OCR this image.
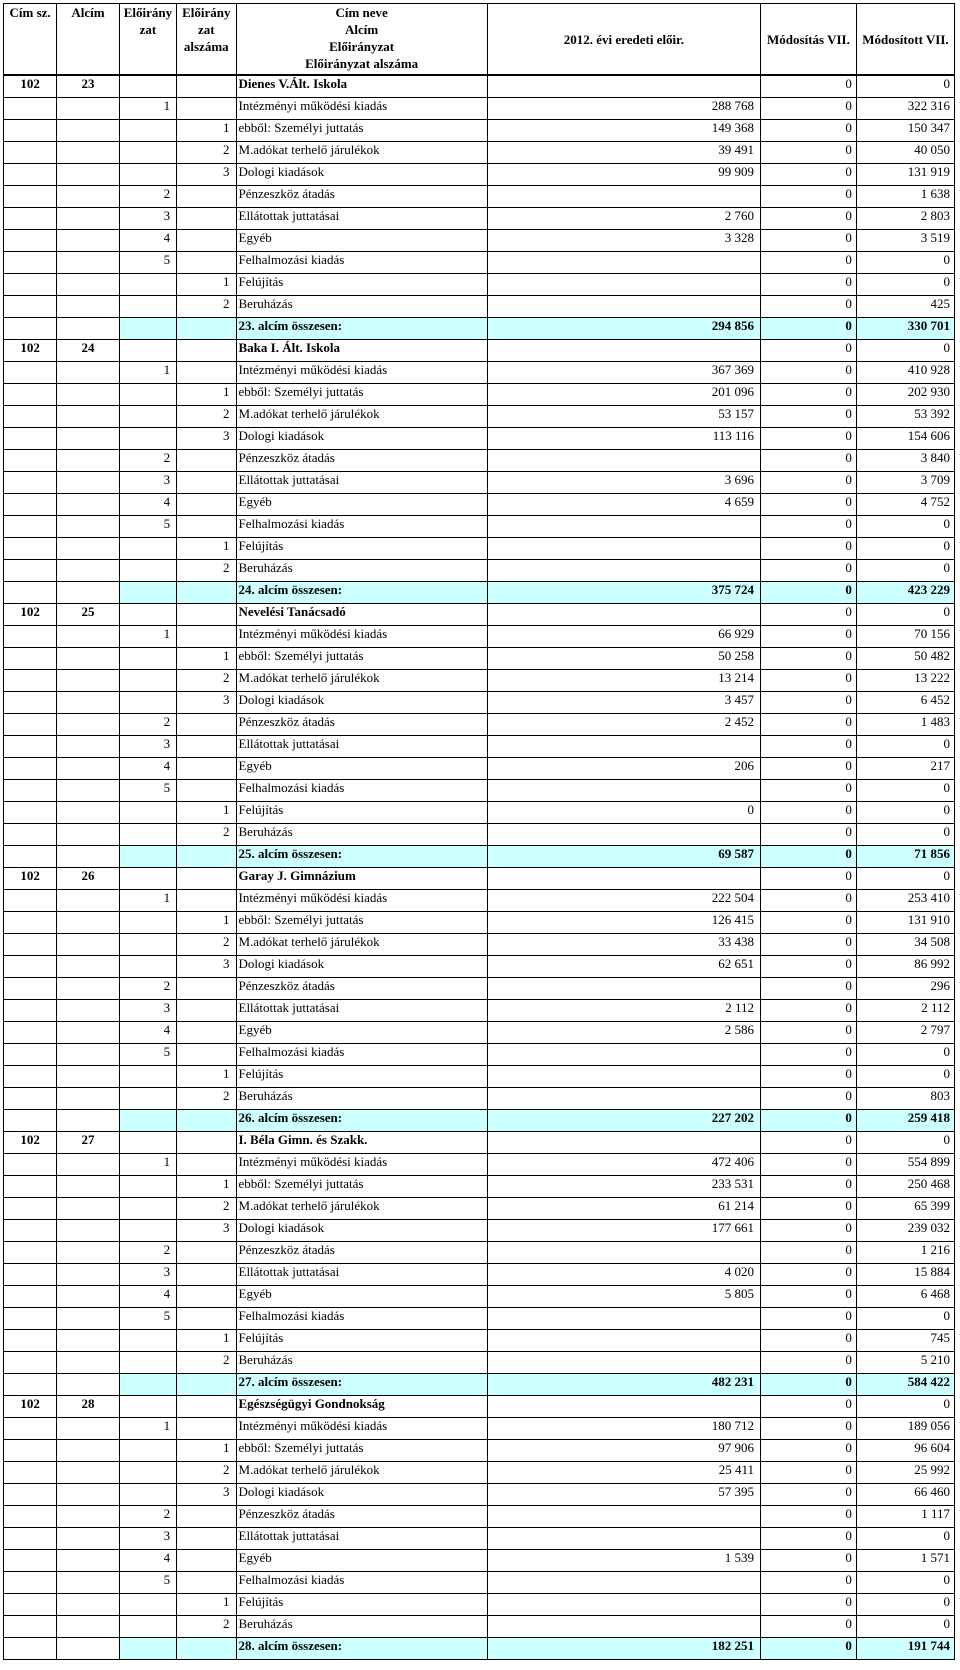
Cím sz.	Alcím	Előirány zat	Előirány zat alszáma	Cím neve
Alcím
Előirányzat
Előirányzat alszáma	2012. évi eredeti előir.	Módosítás VII.	Módosított VII.
102	23			Dienes V.Ált. Iskola		0	0
		1		Intézményi működési kiadás	288 768	0	322 316
			1	ebből: Személyi juttatás	149 368	0	150 347
			2	M.adókat terhelő járulékok	39 491	0	40 050
			3	Dologi kiadások	99 909	0	131 919
		2		Pénzeszköz átadás		0	1 638
		3		Ellátottak juttatásai	2 760	0	2 803
		4		Egyéb	3 328	0	3 519
		5		Felhalmozási kiadás		0	0
			1	Felújítás		0	0
			2	Beruházás		0	425
				23. alcím összesen:	294 856	0	330 701
102	24			Baka I. Ált. Iskola		0	0
		1		Intézményi működési kiadás	367 369	0	410 928
			1	ebből: Személyi juttatás	201 096	0	202 930
			2	M.adókat terhelő járulékok	53 157	0	53 392
			3	Dologi kiadások	113 116	0	154 606
		2		Pénzeszköz átadás		0	3 840
		3		Ellátottak juttatásai	3 696	0	3 709
		4		Egyéb	4 659	0	4 752
		5		Felhalmozási kiadás		0	0
			1	Felújítás		0	0
			2	Beruházás		0	0
				24. alcím összesen:	375 724	0	423 229
102	25			Nevelési Tanácsadó		0	0
		1		Intézményi működési kiadás	66 929	0	70 156
			1	ebből: Személyi juttatás	50 258	0	50 482
			2	M.adókat terhelő járulékok	13 214	0	13 222
			3	Dologi kiadások	3 457	0	6 452
		2		Pénzeszköz átadás	2 452	0	1 483
		3		Ellátottak juttatásai		0	0
		4		Egyéb	206	0	217
		5		Felhalmozási kiadás		0	0
			1	Felújítás	0	0	0
			2	Beruházás		0	0
				25. alcím összesen:	69 587	0	71 856
102	26			Garay J. Gimnázium		0	0
		1		Intézményi működési kiadás	222 504	0	253 410
			1	ebből: Személyi juttatás	126 415	0	131 910
			2	M.adókat terhelő járulékok	33 438	0	34 508
			3	Dologi kiadások	62 651	0	86 992
		2		Pénzeszköz átadás		0	296
		3		Ellátottak juttatásai	2 112	0	2 112
		4		Egyéb	2 586	0	2 797
		5		Felhalmozási kiadás		0	0
			1	Felújítás		0	0
			2	Beruházás		0	803
				26. alcím összesen:	227 202	0	259 418
102	27			I. Béla Gimn. és Szakk.		0	0
		1		Intézményi működési kiadás	472 406	0	554 899
			1	ebből: Személyi juttatás	233 531	0	250 468
			2	M.adókat terhelő járulékok	61 214	0	65 399
			3	Dologi kiadások	177 661	0	239 032
		2		Pénzeszköz átadás		0	1 216
		3		Ellátottak juttatásai	4 020	0	15 884
		4		Egyéb	5 805	0	6 468
		5		Felhalmozási kiadás		0	0
			1	Felújítás		0	745
			2	Beruházás		0	5 210
				27. alcím összesen:	482 231	0	584 422
102	28			Egészségügyi Gondnokság		0	0
		1		Intézményi működési kiadás	180 712	0	189 056
			1	ebből: Személyi juttatás	97 906	0	96 604
			2	M.adókat terhelő járulékok	25 411	0	25 992
			3	Dologi kiadások	57 395	0	66 460
		2		Pénzeszköz átadás		0	1 117
		3		Ellátottak juttatásai		0	0
		4		Egyéb	1 539	0	1 571
		5		Felhalmozási kiadás		0	0
			1	Felújítás		0	0
			2	Beruházás		0	0
				28. alcím összesen:	182 251	0	191 744
